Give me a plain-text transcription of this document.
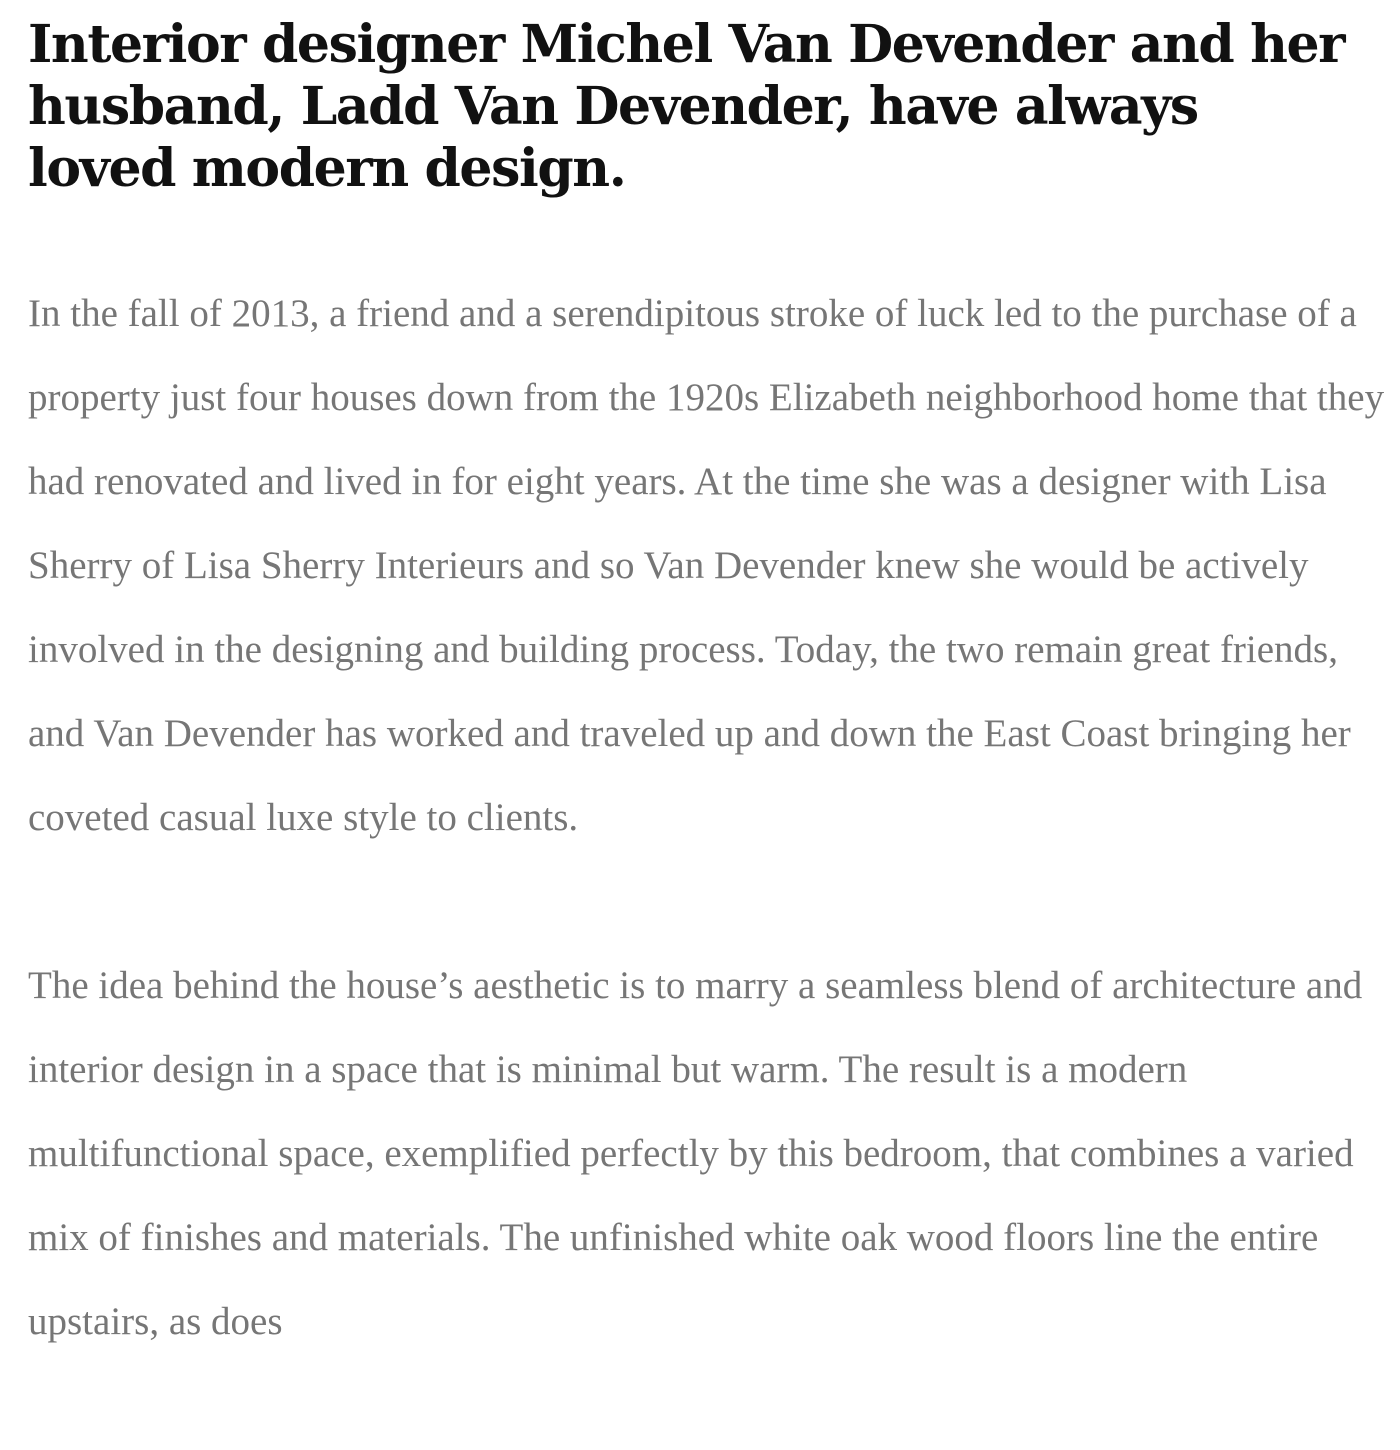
Interior designer Michel Van Devender and her husband, Ladd Van Devender, have always loved modern design.

In the fall of 2013, a friend and a serendipitous stroke of luck led to the purchase of a property just four houses down from the 1920s Elizabeth neighborhood home that they had renovated and lived in for eight years. At the time she was a designer with Lisa Sherry of Lisa Sherry Interieurs and so Van Devender knew she would be actively involved in the designing and building process. Today, the two remain great friends, and Van Devender has worked and traveled up and down the East Coast bringing her coveted casual luxe style to clients.

The idea behind the house’s aesthetic is to marry a seamless blend of architecture and interior design in a space that is minimal but warm. The result is a modern multifunctional space, exemplified perfectly by this bedroom, that combines a varied mix of finishes and materials. The unfinished white oak wood floors line the entire upstairs, as does
